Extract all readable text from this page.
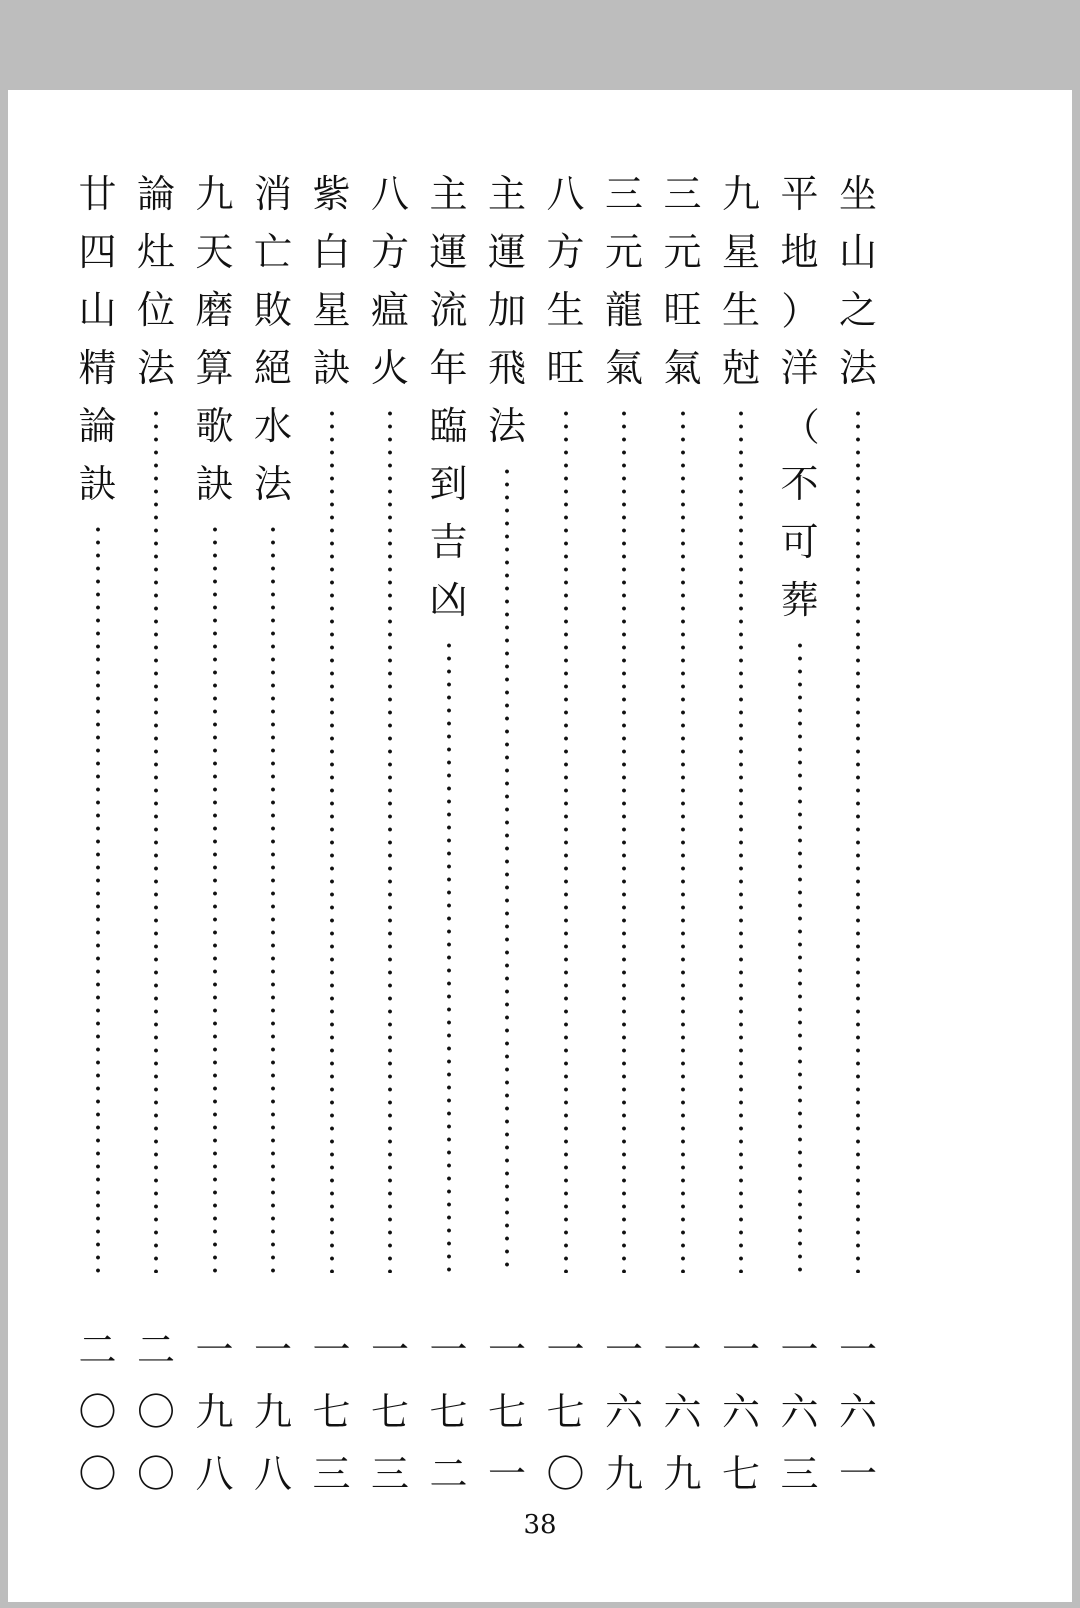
坐
山
之
法
一
六
一
平
地
︵
洋
︶
不
可
葬
一
六
三
九
星
生
尅
一
六
七
三
元
旺
氣
一
六
九
三
元
龍
氣
一
六
九
八
方
生
旺
一
七
〇
主
運
加
飛
法
一
七
一
主
運
流
年
臨
到
吉
凶
一
七
二
八
方
瘟
火
一
七
三
紫
白
星
訣
一
七
三
消
亡
敗
絕
水
法
一
九
八
九
天
磨
算
歌
訣
一
九
八
論
灶
位
法
二
〇
〇
廿
四
山
精
論
訣
二
〇
〇
38
